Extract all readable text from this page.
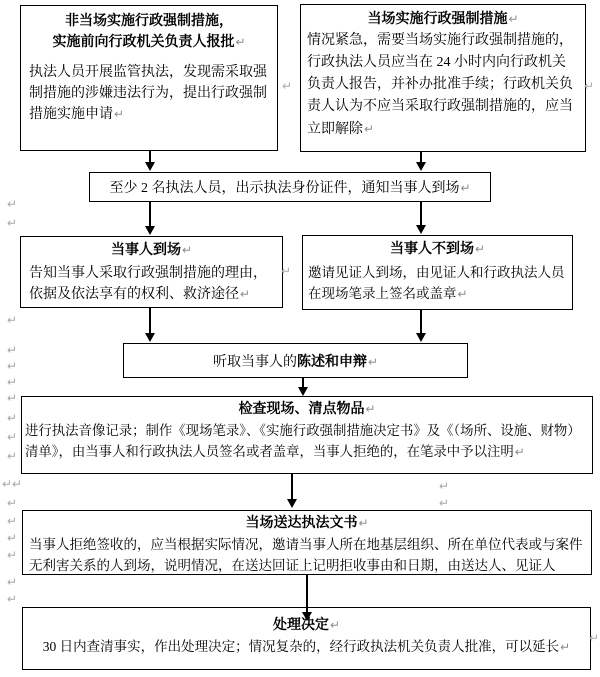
非当场实施行政强制措施，
实施前向行政机关负责人报批↵
执法人员开展监管执法，发现需采取强制措施的涉嫌违法行为，提出行政强制措施实施申请↵
当场实施行政强制措施↵
情况紧急，需要当场实施行政强制措施的，行政执法人员应当在 24 小时内向行政机关负责人报告，并补办批准手续；行政机关负责人认为不应当采取行政强制措施的，应当立即解除↵
至少 2 名执法人员，出示执法身份证件，通知当事人到场↵
当事人到场↵
告知当事人采取行政强制措施的理由，依据及依法享有的权利、救济途径↵
当事人不到场↵
邀请见证人到场，由见证人和行政执法人员在现场笔录上签名或盖章↵
听取当事人的陈述和申辩↵
检查现场、清点物品↵
进行执法音像记录；制作《现场笔录》、《实施行政强制措施决定书》及《（场所、设施、财物）清单》，由当事人和行政执法人员签名或者盖章，当事人拒绝的，在笔录中予以注明↵
当场送达执法文书↵
当事人拒绝签收的，应当根据实际情况，邀请当事人所在地基层组织、所在单位代表或与案件无利害关系的人到场，说明情况，在送达回证上记明拒收事由和日期，由送达人、见证人
处理决定↵
30 日内查清事实，作出处理决定；情况复杂的，经行政执法机关负责人批准，可以延长↵
↵
↵
↵
↵
↵
↵
↵
↵
↵
↵
↵ ↵
↵
↵
↵
↵
↵
↵
↵	↵
↵
↵
↵
↵
